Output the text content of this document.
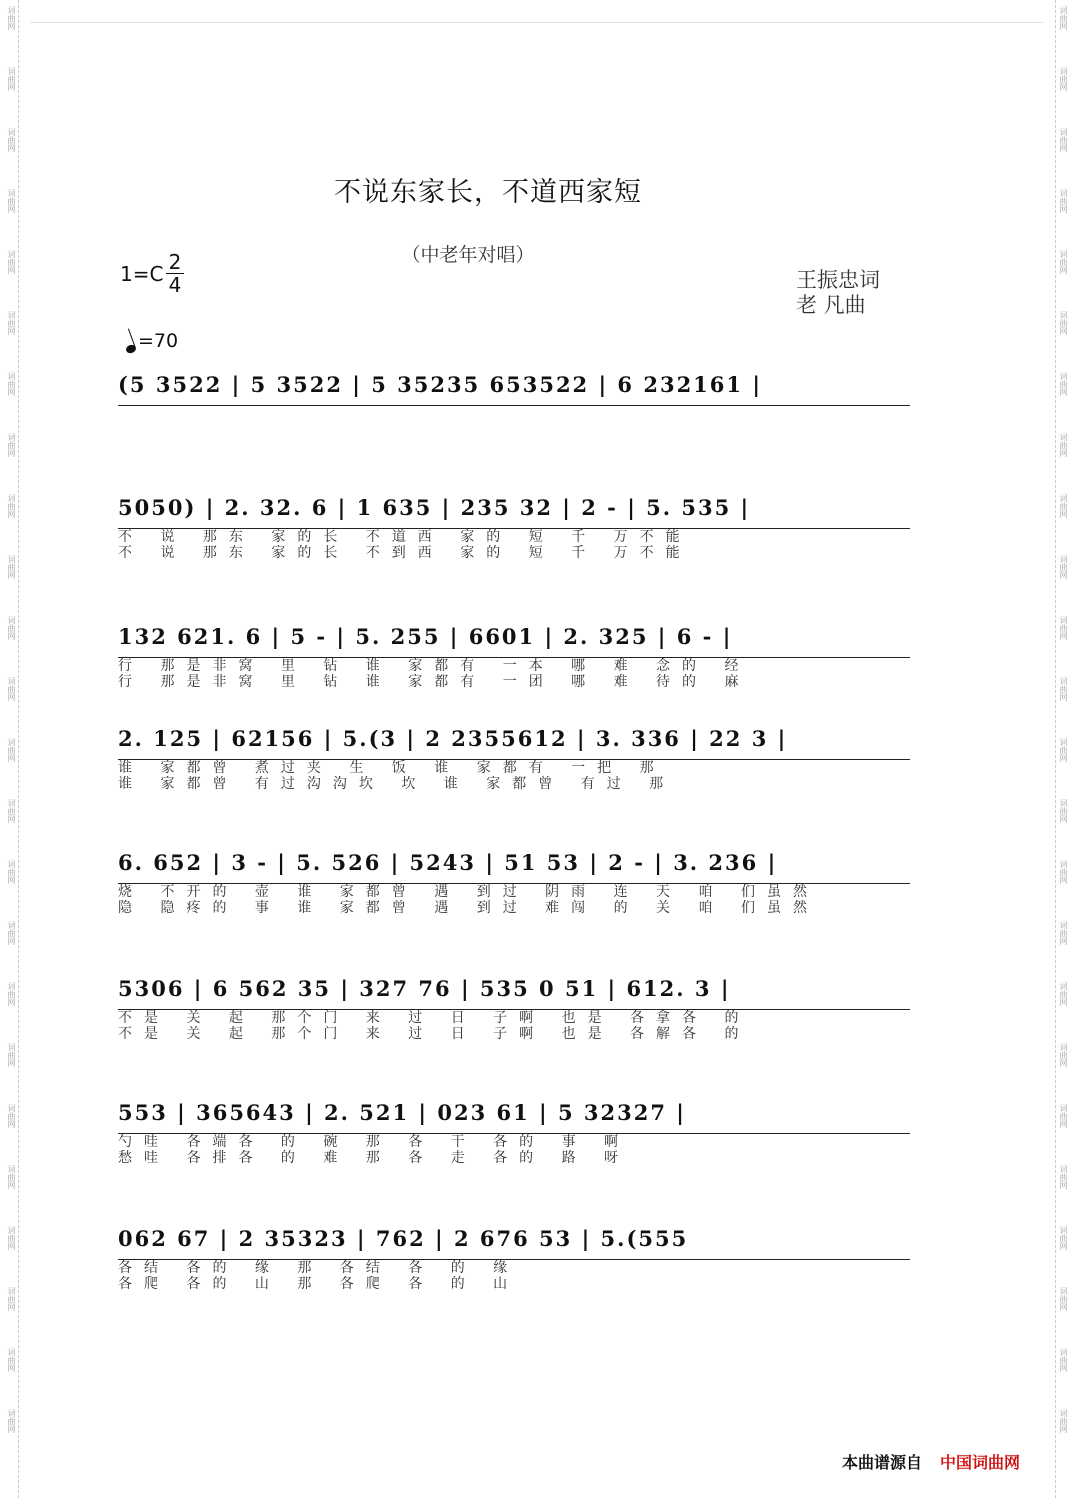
词曲网
词曲网
词曲网
词曲网
词曲网
词曲网
词曲网
词曲网
词曲网
词曲网
词曲网
词曲网
词曲网
词曲网
词曲网
词曲网
词曲网
词曲网
词曲网
词曲网
词曲网
词曲网
词曲网
词曲网
词曲网
词曲网
词曲网
词曲网
词曲网
词曲网
词曲网
词曲网
词曲网
词曲网
词曲网
词曲网
词曲网
词曲网
词曲网
词曲网
词曲网
词曲网
词曲网
词曲网
词曲网
词曲网
词曲网
词曲网
不说东家长，不道西家短
（中老年对唱）
1=C 2
4	王振忠词
老 凡曲
=70
(5 3522 | 5 3522 | 5 35235 653522 | 6 232161 |
5050) | 2. 32. 6 | 1 635 | 235 32 | 2 - | 5. 535 |
不 说 那东 家的长 不道西 家的 短 千 万不能
不 说 那东 家的长 不到西 家的 短 千 万不能
132 621. 6 | 5 - | 5. 255 | 6601 | 2. 325 | 6 - |
行 那是非窝 里 钻 谁 家都有 一本 哪 难 念的 经
行 那是非窝 里 钻 谁 家都有 一团 哪 难 待的 麻
2. 125 | 62156 | 5.(3 | 2 2355612 | 3. 336 | 22 3 |
谁 家都曾 煮过夹 生 饭 谁 家都有 一把 那
谁 家都曾 有过沟沟坎 坎 谁 家都曾 有过 那
6. 652 | 3 - | 5. 526 | 5243 | 51 53 | 2 - | 3. 236 |
烧 不开的 壶 谁 家都曾 遇 到过 阴雨 连 天 咱 们虽然
隐 隐疼的 事 谁 家都曾 遇 到过 难闯 的 关 咱 们虽然
5306 | 6 562 35 | 327 76 | 535 0 51 | 612. 3 |
不是 关 起 那个门 来 过 日 子啊 也是 各拿各 的
不是 关 起 那个门 来 过 日 子啊 也是 各解各 的
553 | 365643 | 2. 521 | 023 61 | 5 32327 |
勺哇 各端各 的 碗 那 各 干 各的 事 啊
愁哇 各排各 的 难 那 各 走 各的 路 呀
062 67 | 2 35323 | 762 | 2 676 53 | 5.(555
各结 各的 缘 那 各结 各 的 缘
各爬 各的 山 那 各爬 各 的 山
本曲谱源自 中国词曲网
